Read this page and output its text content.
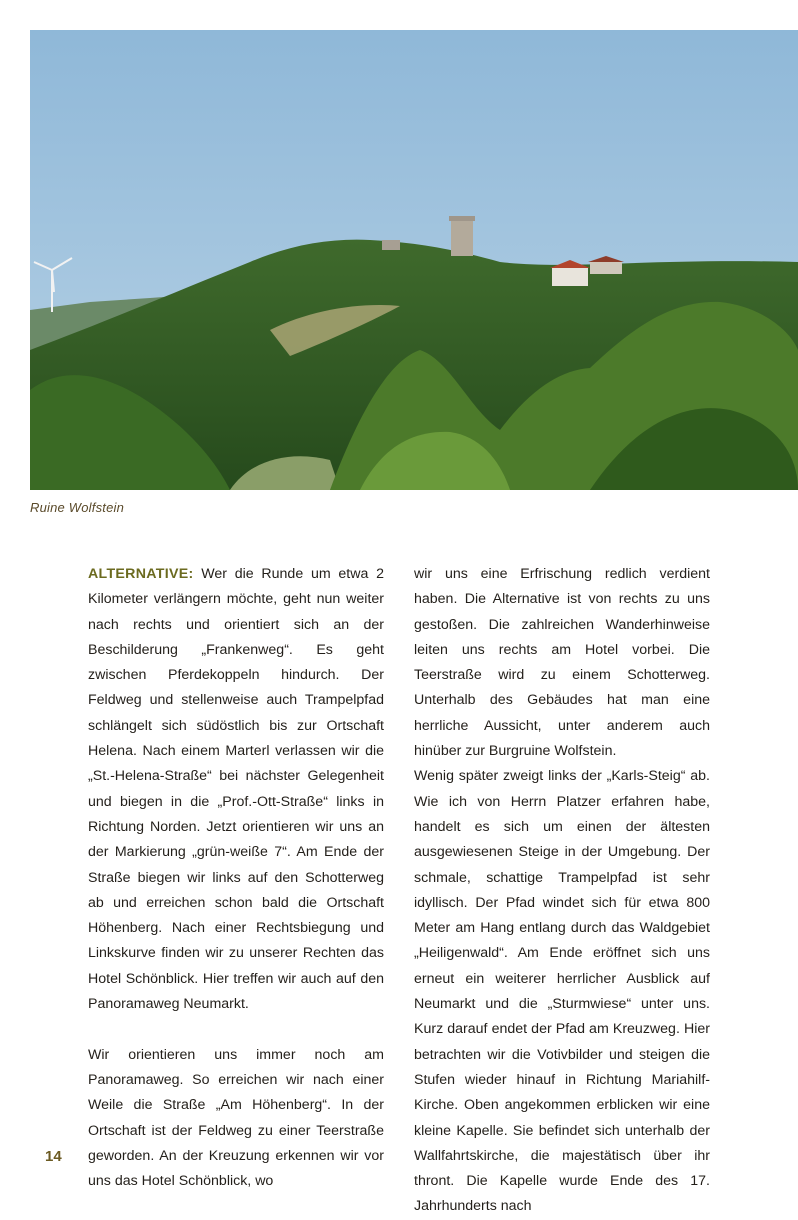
Ruine Wolfstein

ALTERNATIVE: Wer die Runde um etwa 2 Kilometer verlängern möchte, geht nun weiter nach rechts und orientiert sich an der Beschilderung „Frankenweg“. Es geht zwischen Pferdekoppeln hindurch. Der Feldweg und stellenweise auch Trampelpfad schlängelt sich südöstlich bis zur Ortschaft Helena. Nach einem Marterl verlassen wir die „St.-Helena-Straße“ bei nächster Gelegenheit und biegen in die „Prof.-Ott-Straße“ links in Richtung Norden. Jetzt orientieren wir uns an der Markierung „grün-weiße 7“. Am Ende der Straße biegen wir links auf den Schotterweg ab und erreichen schon bald die Ortschaft Höhenberg. Nach einer Rechtsbiegung und Linkskurve finden wir zu unserer Rechten das Hotel Schönblick. Hier treffen wir auch auf den Panoramaweg Neumarkt.

Wir orientieren uns immer noch am Panoramaweg. So erreichen wir nach einer Weile die Straße „Am Höhenberg“. In der Ortschaft ist der Feldweg zu einer Teerstraße geworden. An der Kreuzung erkennen wir vor uns das Hotel Schönblick, wo

wir uns eine Erfrischung redlich verdient haben. Die Alternative ist von rechts zu uns gestoßen. Die zahlreichen Wanderhinweise leiten uns rechts am Hotel vorbei. Die Teerstraße wird zu einem Schotterweg. Unterhalb des Gebäudes hat man eine herrliche Aussicht, unter anderem auch hinüber zur Burgruine Wolfstein.

Wenig später zweigt links der „Karls-Steig“ ab. Wie ich von Herrn Platzer erfahren habe, handelt es sich um einen der ältesten ausgewiesenen Steige in der Umgebung. Der schmale, schattige Trampelpfad ist sehr idyllisch. Der Pfad windet sich für etwa 800 Meter am Hang entlang durch das Waldgebiet „Heiligenwald“. Am Ende eröffnet sich uns erneut ein weiterer herrlicher Ausblick auf Neumarkt und die „Sturmwiese“ unter uns. Kurz darauf endet der Pfad am Kreuzweg. Hier betrachten wir die Votivbilder und steigen die Stufen wieder hinauf in Richtung Mariahilf-Kirche. Oben angekommen erblicken wir eine kleine Kapelle. Sie befindet sich unterhalb der Wallfahrtskirche, die majestätisch über ihr thront. Die Kapelle wurde Ende des 17. Jahrhunderts nach

14
